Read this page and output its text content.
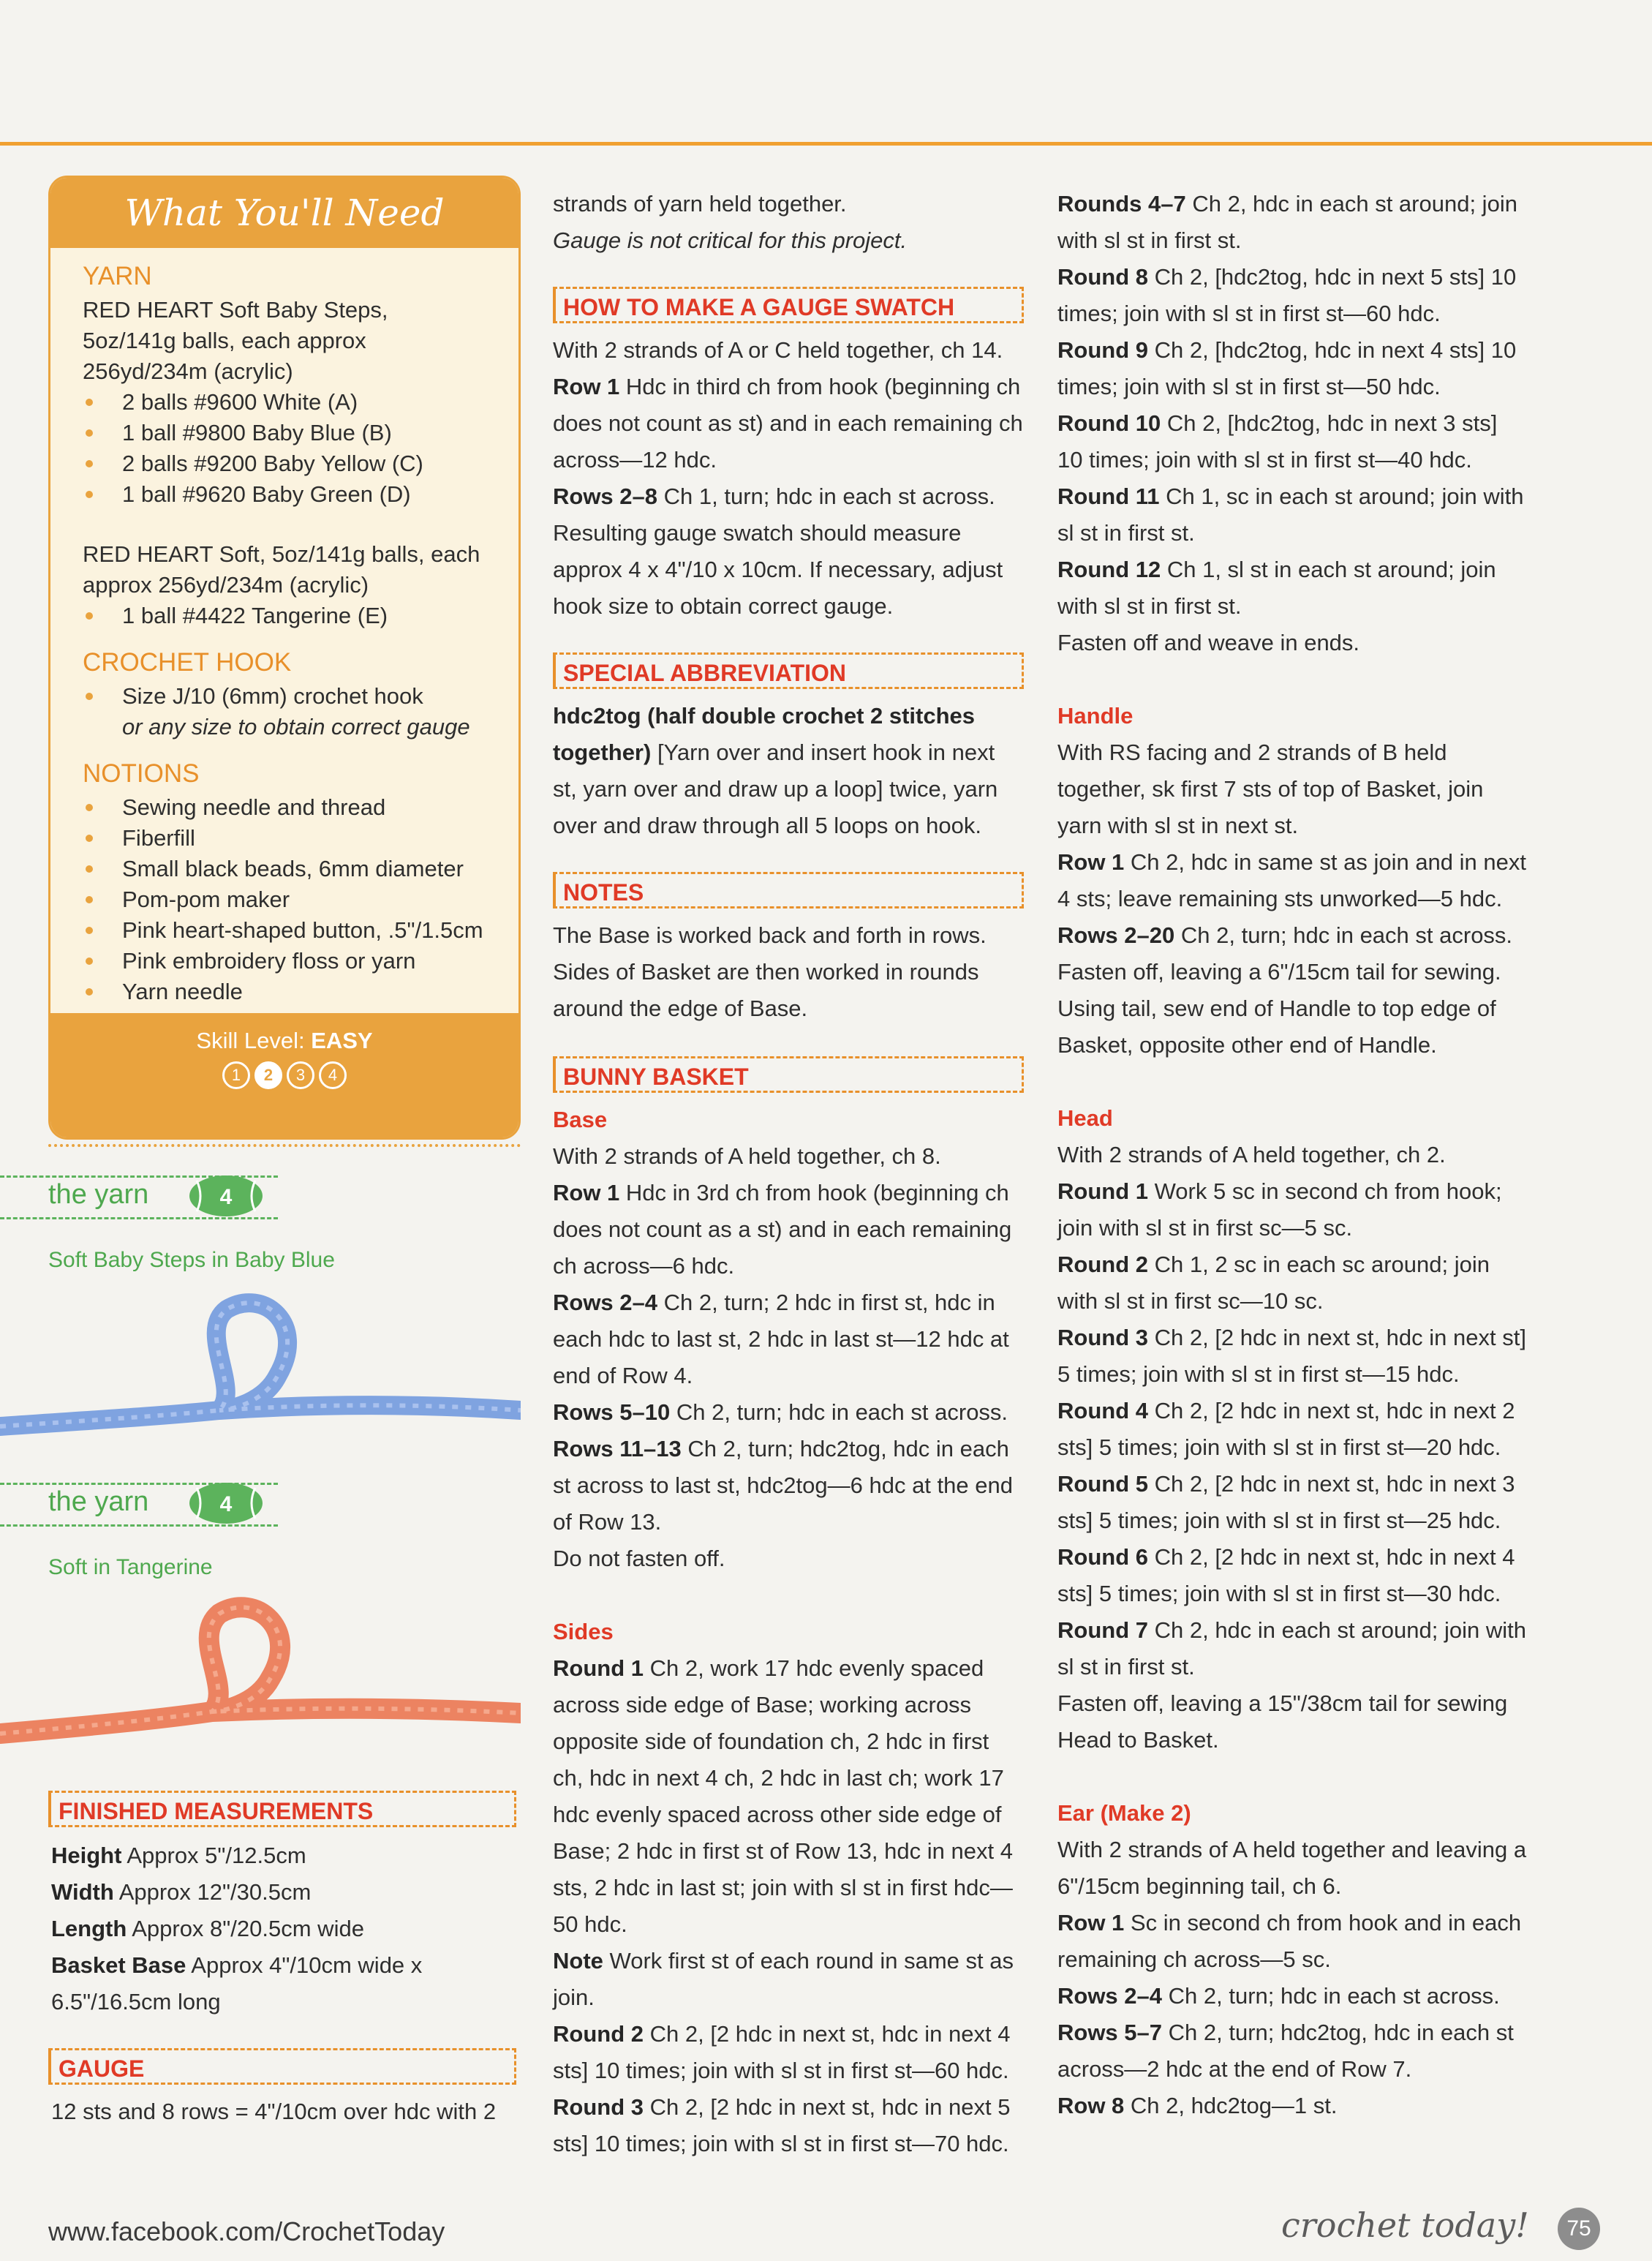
What You'll Need
YARN

RED HEART Soft Baby Steps, 5oz/141g balls, each approx 256yd/234m (acrylic)

2 balls #9600 White (A)
1 ball #9800 Baby Blue (B)
2 balls #9200 Baby Yellow (C)
1 ball #9620 Baby Green (D)

RED HEART Soft, 5oz/141g balls, each approx 256yd/234m (acrylic)

1 ball #4422 Tangerine (E)
CROCHET HOOK
Size J/10 (6mm) crochet hook
or any size to obtain correct gauge
NOTIONS
Sewing needle and thread
Fiberfill
Small black beads, 6mm diameter
Pom-pom maker
Pink heart-shaped button, .5"/1.5cm
Pink embroidery floss or yarn
Yarn needle
Skill Level: EASY
1	2	3	4
the yarn	4
Soft Baby Steps in Baby Blue
the yarn	4
Soft in Tangerine
FINISHED MEASUREMENTS

Height Approx 5"/12.5cm

Width Approx 12"/30.5cm

Length Approx 8"/20.5cm wide

Basket Base Approx 4"/10cm wide x 6.5"/16.5cm long

GAUGE

12 sts and 8 rows = 4"/10cm over hdc with 2

strands of yarn held together.

Gauge is not critical for this project.

HOW TO MAKE A GAUGE SWATCH

With 2 strands of A or C held together, ch 14.

Row 1 Hdc in third ch from hook (beginning ch does not count as st) and in each remaining ch across—12 hdc.

Rows 2–8 Ch 1, turn; hdc in each st across.

Resulting gauge swatch should measure approx 4 x 4"/10 x 10cm. If necessary, adjust hook size to obtain correct gauge.

SPECIAL ABBREVIATION

hdc2tog (half double crochet 2 stitches together) [Yarn over and insert hook in next st, yarn over and draw up a loop] twice, yarn over and draw through all 5 loops on hook.

NOTES

The Base is worked back and forth in rows. Sides of Basket are then worked in rounds around the edge of Base.

BUNNY BASKET

Base

With 2 strands of A held together, ch 8.

Row 1 Hdc in 3rd ch from hook (beginning ch does not count as a st) and in each remaining ch across—6 hdc.

Rows 2–4 Ch 2, turn; 2 hdc in first st, hdc in each hdc to last st, 2 hdc in last st—12 hdc at end of Row 4.

Rows 5–10 Ch 2, turn; hdc in each st across.

Rows 11–13 Ch 2, turn; hdc2tog, hdc in each st across to last st, hdc2tog—6 hdc at the end of Row 13.

Do not fasten off.

Sides

Round 1 Ch 2, work 17 hdc evenly spaced across side edge of Base; working across opposite side of foundation ch, 2 hdc in first ch, hdc in next 4 ch, 2 hdc in last ch; work 17 hdc evenly spaced across other side edge of Base; 2 hdc in first st of Row 13, hdc in next 4 sts, 2 hdc in last st; join with sl st in first hdc—50 hdc.

Note Work first st of each round in same st as join.

Round 2 Ch 2, [2 hdc in next st, hdc in next 4 sts] 10 times; join with sl st in first st—60 hdc.

Round 3 Ch 2, [2 hdc in next st, hdc in next 5 sts] 10 times; join with sl st in first st—70 hdc.

Rounds 4–7 Ch 2, hdc in each st around; join with sl st in first st.

Round 8 Ch 2, [hdc2tog, hdc in next 5 sts] 10 times; join with sl st in first st—60 hdc.

Round 9 Ch 2, [hdc2tog, hdc in next 4 sts] 10 times; join with sl st in first st—50 hdc.

Round 10 Ch 2, [hdc2tog, hdc in next 3 sts] 10 times; join with sl st in first st—40 hdc.

Round 11 Ch 1, sc in each st around; join with sl st in first st.

Round 12 Ch 1, sl st in each st around; join with sl st in first st.

Fasten off and weave in ends.

Handle

With RS facing and 2 strands of B held together, sk first 7 sts of top of Basket, join yarn with sl st in next st.

Row 1 Ch 2, hdc in same st as join and in next 4 sts; leave remaining sts unworked—5 hdc.

Rows 2–20 Ch 2, turn; hdc in each st across.

Fasten off, leaving a 6"/15cm tail for sewing. Using tail, sew end of Handle to top edge of Basket, opposite other end of Handle.

Head

With 2 strands of A held together, ch 2.

Round 1 Work 5 sc in second ch from hook; join with sl st in first sc—5 sc.

Round 2 Ch 1, 2 sc in each sc around; join with sl st in first sc—10 sc.

Round 3 Ch 2, [2 hdc in next st, hdc in next st] 5 times; join with sl st in first st—15 hdc.

Round 4 Ch 2, [2 hdc in next st, hdc in next 2 sts] 5 times; join with sl st in first st—20 hdc.

Round 5 Ch 2, [2 hdc in next st, hdc in next 3 sts] 5 times; join with sl st in first st—25 hdc.

Round 6 Ch 2, [2 hdc in next st, hdc in next 4 sts] 5 times; join with sl st in first st—30 hdc.

Round 7 Ch 2, hdc in each st around; join with sl st in first st.

Fasten off, leaving a 15"/38cm tail for sewing Head to Basket.

Ear (Make 2)

With 2 strands of A held together and leaving a 6"/15cm beginning tail, ch 6.

Row 1 Sc in second ch from hook and in each remaining ch across—5 sc.

Rows 2–4 Ch 2, turn; hdc in each st across.

Rows 5–7 Ch 2, turn; hdc2tog, hdc in each st across—2 hdc at the end of Row 7.

Row 8 Ch 2, hdc2tog—1 st.

www.facebook.com/CrochetToday	crochet today!	75
